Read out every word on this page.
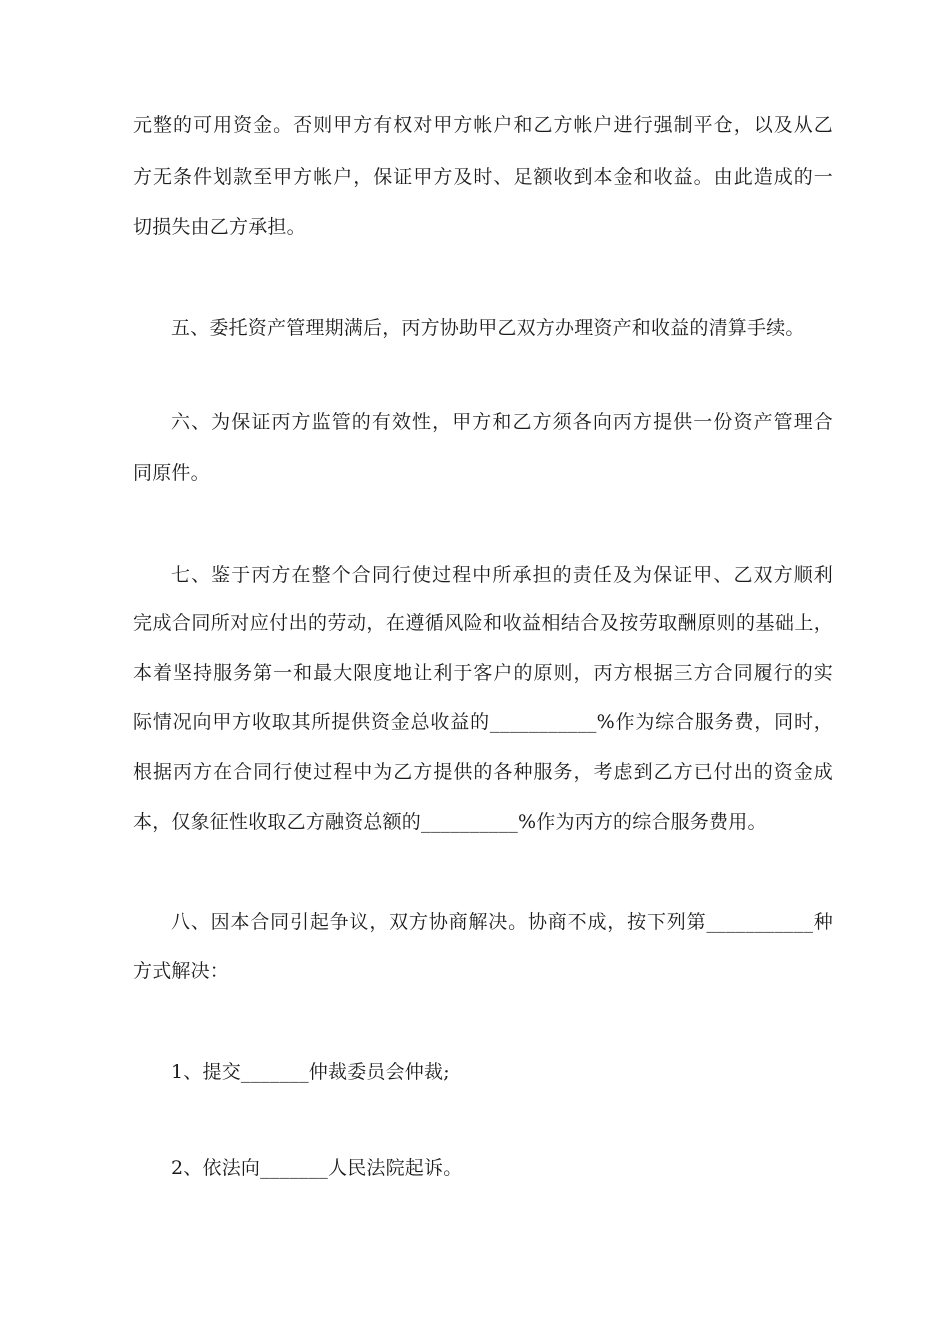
元整的可用资金。否则甲方有权对甲方帐户和乙方帐户进行强制平仓，以及从乙
方无条件划款至甲方帐户，保证甲方及时、足额收到本金和收益。由此造成的一
切损失由乙方承担。
五、委托资产管理期满后，丙方协助甲乙双方办理资产和收益的清算手续。
六、为保证丙方监管的有效性，甲方和乙方须各向丙方提供一份资产管理合
同原件。
七、鉴于丙方在整个合同行使过程中所承担的责任及为保证甲、乙双方顺利
完成合同所对应付出的劳动，在遵循风险和收益相结合及按劳取酬原则的基础上，
本着坚持服务第一和最大限度地让利于客户的原则，丙方根据三方合同履行的实
际情况向甲方收取其所提供资金总收益的___________%作为综合服务费，同时，
根据丙方在合同行使过程中为乙方提供的各种服务，考虑到乙方已付出的资金成
本，仅象征性收取乙方融资总额的__________%作为丙方的综合服务费用。
八、因本合同引起争议，双方协商解决。协商不成，按下列第___________种
方式解决：
1、提交_______仲裁委员会仲裁;
2、依法向_______人民法院起诉。
